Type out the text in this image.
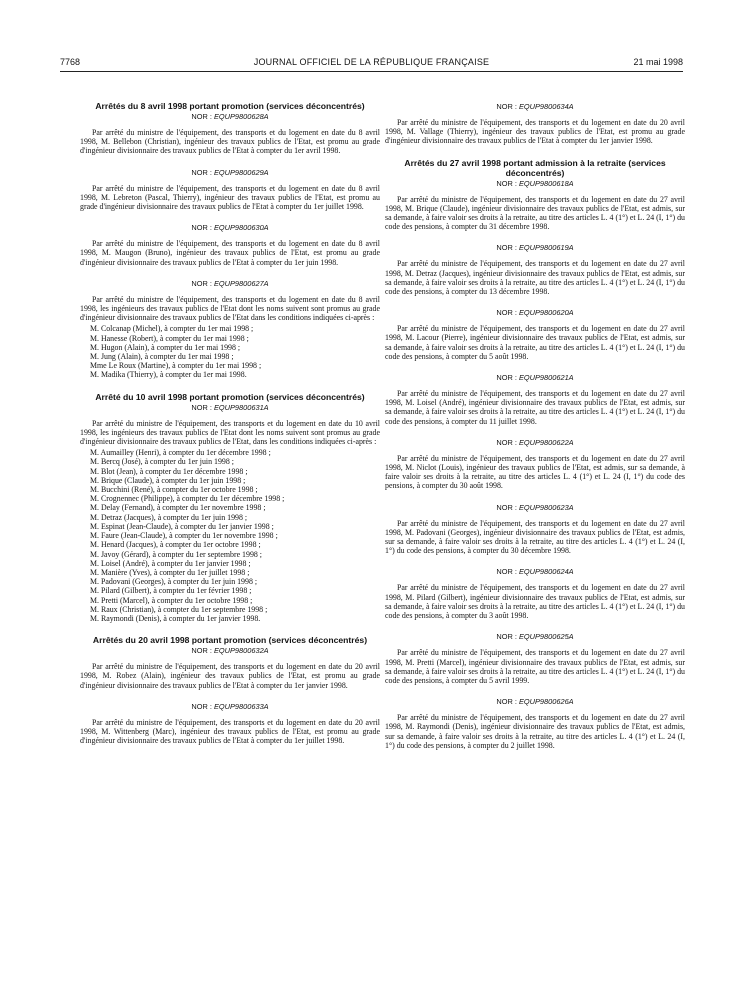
7768	JOURNAL OFFICIEL DE LA RÉPUBLIQUE FRANÇAISE	21 mai 1998
Arrêtés du 8 avril 1998 portant promotion (services déconcentrés)
NOR : EQUP9800628A

Par arrêté du ministre de l'équipement, des transports et du logement en date du 8 avril 1998, M. Bellebon (Christian), ingénieur des travaux publics de l'Etat, est promu au grade d'ingénieur divisionnaire des travaux publics de l'Etat à compter du 1er avril 1998.

NOR : EQUP9800629A

Par arrêté du ministre de l'équipement, des transports et du logement en date du 8 avril 1998, M. Lebreton (Pascal, Thierry), ingénieur des travaux publics de l'Etat, est promu au grade d'ingénieur divisionnaire des travaux publics de l'Etat à compter du 1er juillet 1998.

NOR : EQUP9800630A

Par arrêté du ministre de l'équipement, des transports et du logement en date du 8 avril 1998, M. Maugon (Bruno), ingénieur des travaux publics de l'Etat, est promu au grade d'ingénieur divisionnaire des travaux publics de l'Etat à compter du 1er juin 1998.

NOR : EQUP9800627A

Par arrêté du ministre de l'équipement, des transports et du logement en date du 8 avril 1998, les ingénieurs des travaux publics de l'Etat dont les noms suivent sont promus au grade d'ingénieur divisionnaire des travaux publics de l'Etat dans les conditions indiquées ci-après :

M. Colcanap (Michel), à compter du 1er mai 1998 ;
M. Hanesse (Robert), à compter du 1er mai 1998 ;
M. Hugon (Alain), à compter du 1er mai 1998 ;
M. Jung (Alain), à compter du 1er mai 1998 ;
Mme Le Roux (Martine), à compter du 1er mai 1998 ;
M. Madika (Thierry), à compter du 1er mai 1998.
Arrêté du 10 avril 1998 portant promotion (services déconcentrés)
NOR : EQUP9800631A

Par arrêté du ministre de l'équipement, des transports et du logement en date du 10 avril 1998, les ingénieurs des travaux publics de l'Etat dont les noms suivent sont promus au grade d'ingénieur divisionnaire des travaux publics de l'Etat, dans les conditions indiquées ci-après :

M. Aumailley (Henri), à compter du 1er décembre 1998 ;
M. Bercq (José), à compter du 1er juin 1998 ;
M. Blot (Jean), à compter du 1er décembre 1998 ;
M. Brique (Claude), à compter du 1er juin 1998 ;
M. Bucchini (René), à compter du 1er octobre 1998 ;
M. Crognennec (Philippe), à compter du 1er décembre 1998 ;
M. Delay (Fernand), à compter du 1er novembre 1998 ;
M. Detraz (Jacques), à compter du 1er juin 1998 ;
M. Espinat (Jean-Claude), à compter du 1er janvier 1998 ;
M. Faure (Jean-Claude), à compter du 1er novembre 1998 ;
M. Henard (Jacques), à compter du 1er octobre 1998 ;
M. Javoy (Gérard), à compter du 1er septembre 1998 ;
M. Loisel (André), à compter du 1er janvier 1998 ;
M. Manière (Yves), à compter du 1er juillet 1998 ;
M. Padovani (Georges), à compter du 1er juin 1998 ;
M. Pilard (Gilbert), à compter du 1er février 1998 ;
M. Pretti (Marcel), à compter du 1er octobre 1998 ;
M. Raux (Christian), à compter du 1er septembre 1998 ;
M. Raymondi (Denis), à compter du 1er janvier 1998.
Arrêtés du 20 avril 1998 portant promotion (services déconcentrés)
NOR : EQUP9800632A

Par arrêté du ministre de l'équipement, des transports et du logement en date du 20 avril 1998, M. Robez (Alain), ingénieur des travaux publics de l'Etat, est promu au grade d'ingénieur divisionnaire des travaux publics de l'Etat à compter du 1er janvier 1998.

NOR : EQUP9800633A

Par arrêté du ministre de l'équipement, des transports et du logement en date du 20 avril 1998, M. Wittenberg (Marc), ingénieur des travaux publics de l'Etat, est promu au grade d'ingénieur divisionnaire des travaux publics de l'Etat à compter du 1er juillet 1998.

NOR : EQUP9800634A

Par arrêté du ministre de l'équipement, des transports et du logement en date du 20 avril 1998, M. Vallage (Thierry), ingénieur des travaux publics de l'Etat, est promu au grade d'ingénieur divisionnaire des travaux publics de l'Etat à compter du 1er janvier 1998.

Arrêtés du 27 avril 1998 portant admission à la retraite (services déconcentrés)
NOR : EQUP9800618A

Par arrêté du ministre de l'équipement, des transports et du logement en date du 27 avril 1998, M. Brique (Claude), ingénieur divisionnaire des travaux publics de l'Etat, est admis, sur sa demande, à faire valoir ses droits à la retraite, au titre des articles L. 4 (1°) et L. 24 (I, 1°) du code des pensions, à compter du 31 décembre 1998.

NOR : EQUP9800619A

Par arrêté du ministre de l'équipement, des transports et du logement en date du 27 avril 1998, M. Detraz (Jacques), ingénieur divisionnaire des travaux publics de l'Etat, est admis, sur sa demande, à faire valoir ses droits à la retraite, au titre des articles L. 4 (1°) et L. 24 (I, 1°) du code des pensions, à compter du 13 décembre 1998.

NOR : EQUP9800620A

Par arrêté du ministre de l'équipement, des transports et du logement en date du 27 avril 1998, M. Lacour (Pierre), ingénieur divisionnaire des travaux publics de l'Etat, est admis, sur sa demande, à faire valoir ses droits à la retraite, au titre des articles L. 4 (1°) et L. 24 (I, 1°) du code des pensions, à compter du 5 août 1998.

NOR : EQUP9800621A

Par arrêté du ministre de l'équipement, des transports et du logement en date du 27 avril 1998, M. Loisel (André), ingénieur divisionnaire des travaux publics de l'Etat, est admis, sur sa demande, à faire valoir ses droits à la retraite, au titre des articles L. 4 (1°) et L. 24 (I, 1°) du code des pensions, à compter du 11 juillet 1998.

NOR : EQUP9800622A

Par arrêté du ministre de l'équipement, des transports et du logement en date du 27 avril 1998, M. Niclot (Louis), ingénieur des travaux publics de l'Etat, est admis, sur sa demande, à faire valoir ses droits à la retraite, au titre des articles L. 4 (1°) et L. 24 (I, 1°) du code des pensions, à compter du 30 août 1998.

NOR : EQUP9800623A

Par arrêté du ministre de l'équipement, des transports et du logement en date du 27 avril 1998, M. Padovani (Georges), ingénieur divisionnaire des travaux publics de l'Etat, est admis, sur sa demande, à faire valoir ses droits à la retraite, au titre des articles L. 4 (1°) et L. 24 (I, 1°) du code des pensions, à compter du 30 décembre 1998.

NOR : EQUP9800624A

Par arrêté du ministre de l'équipement, des transports et du logement en date du 27 avril 1998, M. Pilard (Gilbert), ingénieur divisionnaire des travaux publics de l'Etat, est admis, sur sa demande, à faire valoir ses droits à la retraite, au titre des articles L. 4 (1°) et L. 24 (I, 1°) du code des pensions, à compter du 3 août 1998.

NOR : EQUP9800625A

Par arrêté du ministre de l'équipement, des transports et du logement en date du 27 avril 1998, M. Pretti (Marcel), ingénieur divisionnaire des travaux publics de l'Etat, est admis, sur sa demande, à faire valoir ses droits à la retraite, au titre des articles L. 4 (1°) et L. 24 (I, 1°) du code des pensions, à compter du 5 avril 1999.

NOR : EQUP9800626A

Par arrêté du ministre de l'équipement, des transports et du logement en date du 27 avril 1998, M. Raymondi (Denis), ingénieur divisionnaire des travaux publics de l'Etat, est admis, sur sa demande, à faire valoir ses droits à la retraite, au titre des articles L. 4 (1°) et L. 24 (I, 1°) du code des pensions, à compter du 2 juillet 1998.
